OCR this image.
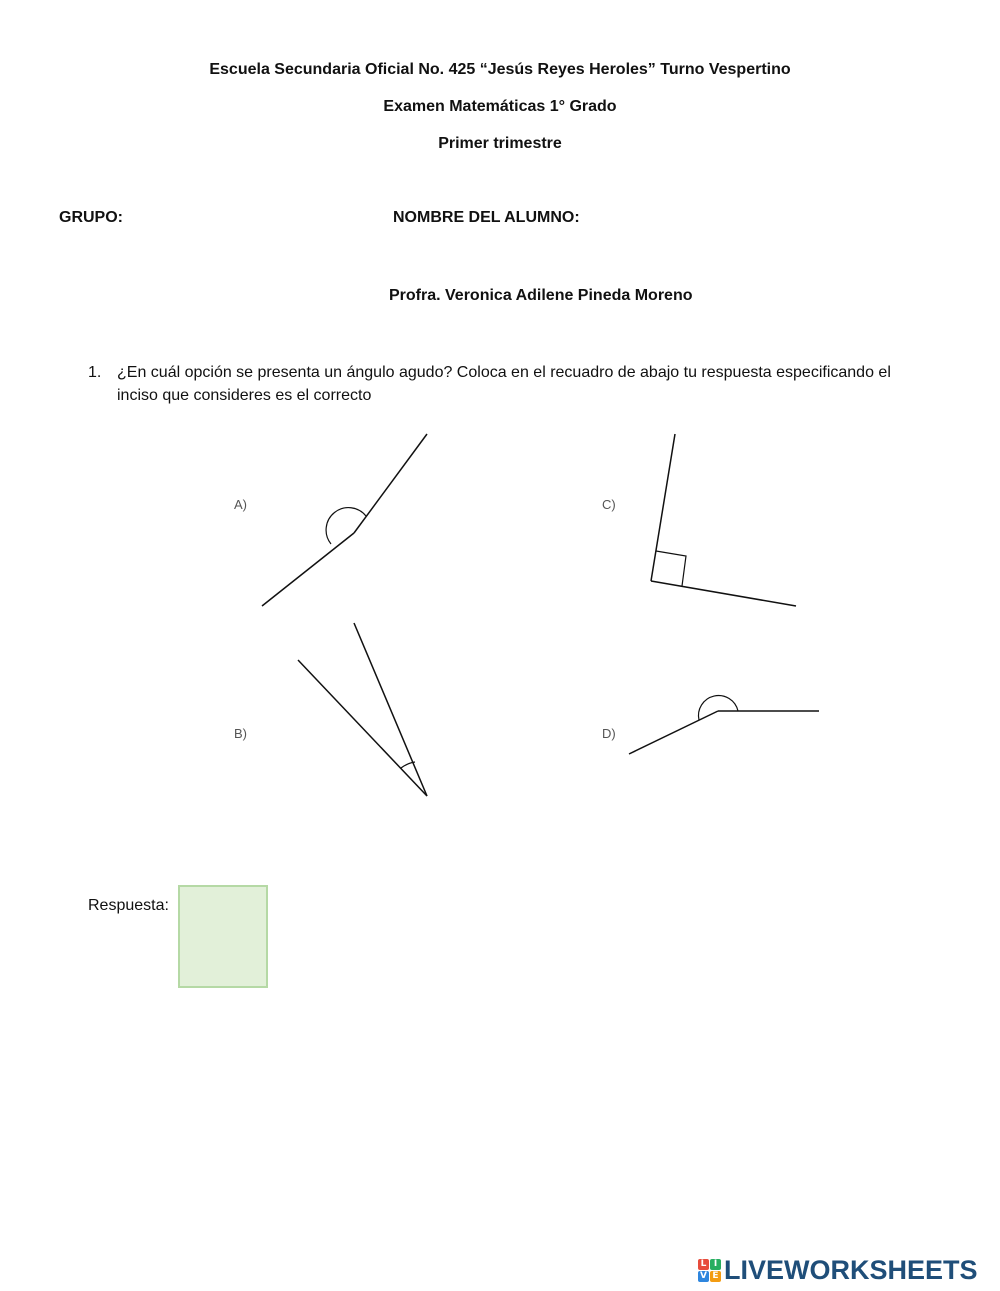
Escuela Secundaria Oficial No. 425 “Jesús Reyes Heroles” Turno Vespertino
Examen Matemáticas 1° Grado
Primer trimestre
GRUPO:	NOMBRE DEL ALUMNO:
Profra. Veronica Adilene Pineda Moreno
1. ¿En cuál opción se presenta un ángulo agudo? Coloca en el recuadro de abajo tu respuesta especificando el
inciso que consideres es el correcto
A)
B)
C)
D)
Respuesta:
L I
V E LIVEWORKSHEETS
